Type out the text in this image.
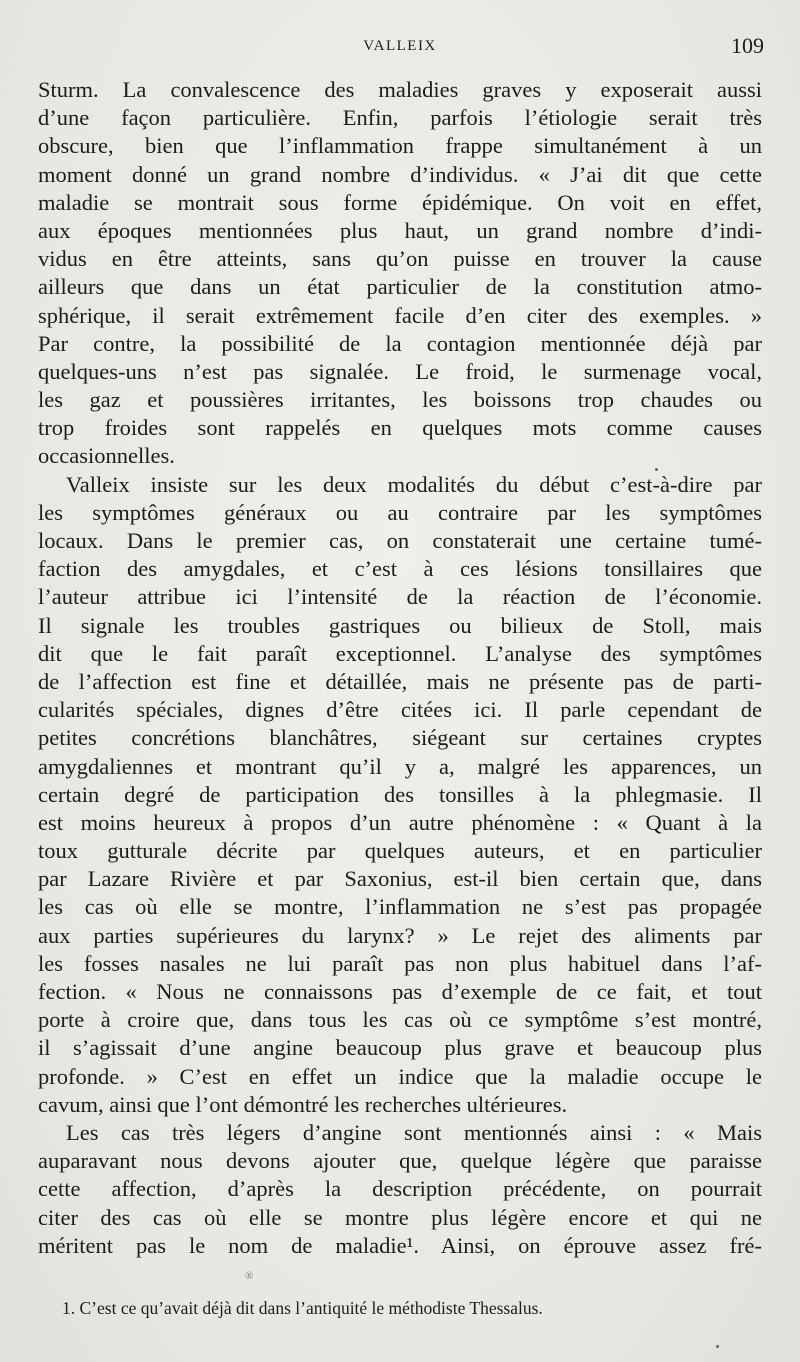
VALLEIX	109
Sturm. La convalescence des maladies graves y exposerait aussi
d’une façon particulière. Enfin, parfois l’étiologie serait très
obscure, bien que l’inflammation frappe simultanément à un
moment donné un grand nombre d’individus. « J’ai dit que cette
maladie se montrait sous forme épidémique. On voit en effet,
aux époques mentionnées plus haut, un grand nombre d’indi-
vidus en être atteints, sans qu’on puisse en trouver la cause
ailleurs que dans un état particulier de la constitution atmo-
sphérique, il serait extrêmement facile d’en citer des exemples. »
Par contre, la possibilité de la contagion mentionnée déjà par
quelques-uns n’est pas signalée. Le froid, le surmenage vocal,
les gaz et poussières irritantes, les boissons trop chaudes ou
trop froides sont rappelés en quelques mots comme causes
occasionnelles.
Valleix insiste sur les deux modalités du début c’est-à-dire par
les symptômes généraux ou au contraire par les symptômes
locaux. Dans le premier cas, on constaterait une certaine tumé-
faction des amygdales, et c’est à ces lésions tonsillaires que
l’auteur attribue ici l’intensité de la réaction de l’économie.
Il signale les troubles gastriques ou bilieux de Stoll, mais
dit que le fait paraît exceptionnel. L’analyse des symptômes
de l’affection est fine et détaillée, mais ne présente pas de parti-
cularités spéciales, dignes d’être citées ici. Il parle cependant de
petites concrétions blanchâtres, siégeant sur certaines cryptes
amygdaliennes et montrant qu’il y a, malgré les apparences, un
certain degré de participation des tonsilles à la phlegmasie. Il
est moins heureux à propos d’un autre phénomène : « Quant à la
toux gutturale décrite par quelques auteurs, et en particulier
par Lazare Rivière et par Saxonius, est-il bien certain que, dans
les cas où elle se montre, l’inflammation ne s’est pas propagée
aux parties supérieures du larynx? » Le rejet des aliments par
les fosses nasales ne lui paraît pas non plus habituel dans l’af-
fection. « Nous ne connaissons pas d’exemple de ce fait, et tout
porte à croire que, dans tous les cas où ce symptôme s’est montré,
il s’agissait d’une angine beaucoup plus grave et beaucoup plus
profonde. » C’est en effet un indice que la maladie occupe le
cavum, ainsi que l’ont démontré les recherches ultérieures.
Les cas très légers d’angine sont mentionnés ainsi : « Mais
auparavant nous devons ajouter que, quelque légère que paraisse
cette affection, d’après la description précédente, on pourrait
citer des cas où elle se montre plus légère encore et qui ne
méritent pas le nom de maladie¹. Ainsi, on éprouve assez fré-
®
1. C’est ce qu’avait déjà dit dans l’antiquité le méthodiste Thessalus.
